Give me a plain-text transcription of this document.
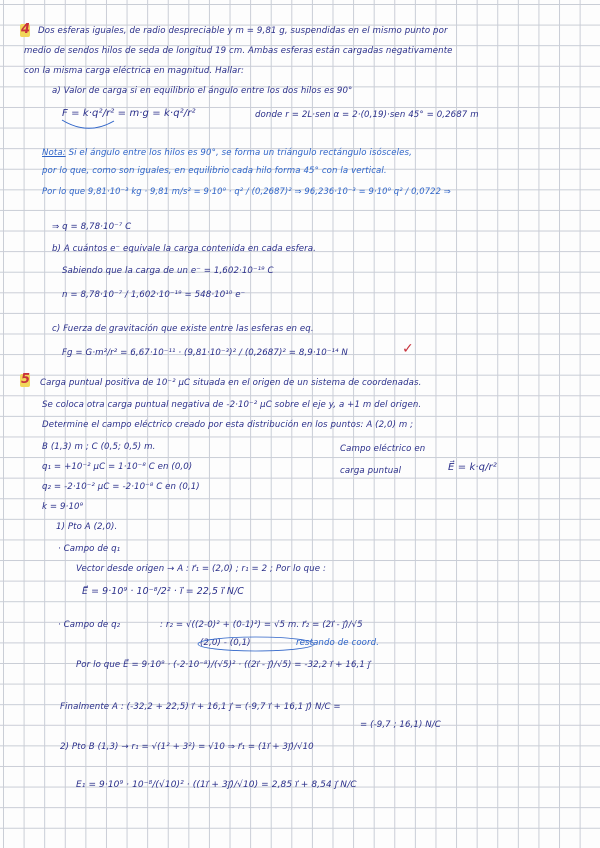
4 Dos esferas iguales, de radio despreciable y m = 9,81 g, suspendidas en el mismo punto por
medio de sendos hilos de seda de longitud 19 cm. Ambas esferas están cargadas negativamente
con la misma carga eléctrica en magnitud. Hallar:
a) Valor de carga si en equilibrio el ángulo entre los dos hilos es 90°
F = k·q²/r² = m·g = k·q²/r²	donde r = 2L·sen α = 2·(0,19)·sen 45° = 0,2687 m
Nota: Si el ángulo entre los hilos es 90°, se forma un triángulo rectángulo isósceles,
por lo que, como son iguales, en equilibrio cada hilo forma 45° con la vertical.
Por lo que 9,81·10⁻³ kg · 9,81 m/s² = 9·10⁹ · q² / (0,2687)² ⇒ 96,236·10⁻³ = 9·10⁹ q² / 0,0722 ⇒
⇒ q = 8,78·10⁻⁷ C
b) A cuántos e⁻ equivale la carga contenida en cada esfera.
Sabiendo que la carga de un e⁻ = 1,602·10⁻¹⁹ C
n = 8,78·10⁻⁷ / 1,602·10⁻¹⁹ = 548·10¹⁰ e⁻
c) Fuerza de gravitación que existe entre las esferas en eq.
Fg = G·m²/r² = 6,67·10⁻¹¹ · (9,81·10⁻³)² / (0,2687)² = 8,9·10⁻¹⁴ N	✓
5 Carga puntual positiva de 10⁻² μC situada en el origen de un sistema de coordenadas.
Se coloca otra carga puntual negativa de -2·10⁻² μC sobre el eje y, a +1 m del origen.
Determine el campo eléctrico creado por esta distribución en los puntos: A (2,0) m ;
B (1,3) m ; C (0,5; 0,5) m.	Campo eléctrico en
carga puntual	E⃗ = k·q/r²
q₁ = +10⁻² μC = 1·10⁻⁸ C en (0,0)
q₂ = -2·10⁻² μC = -2·10⁻⁸ C en (0,1)
k = 9·10⁹
1) Pto A (2,0).
· Campo de q₁
Vector desde origen → A : r⃗₁ = (2,0) ; r₁ = 2 ; Por lo que :
E⃗ = 9·10⁹ · 10⁻⁸/2² · i⃗ = 22,5 i⃗ N/C
· Campo de q₂	: r₂ = √((2-0)² + (0-1)²) = √5 m. r⃗₂ = (2i⃗ - j⃗)/√5
(2,0) - (0,1)	restando de coord.
Por lo que E⃗ = 9·10⁹ · (-2·10⁻⁸)/(√5)² · ((2i⃗ - j⃗)/√5) = -32,2 i⃗ + 16,1 j⃗
Finalmente A : (-32,2 + 22,5) i⃗ + 16,1 j⃗ = (-9,7 i⃗ + 16,1 j⃗) N/C =
= (-9,7 ; 16,1) N/C
2) Pto B (1,3) → r₁ = √(1² + 3²) = √10 ⇒ r⃗₁ = (1i⃗ + 3j⃗)/√10
E₁ = 9·10⁹ · 10⁻⁸/(√10)² · ((1i⃗ + 3j⃗)/√10) = 2,85 i⃗ + 8,54 j⃗ N/C
